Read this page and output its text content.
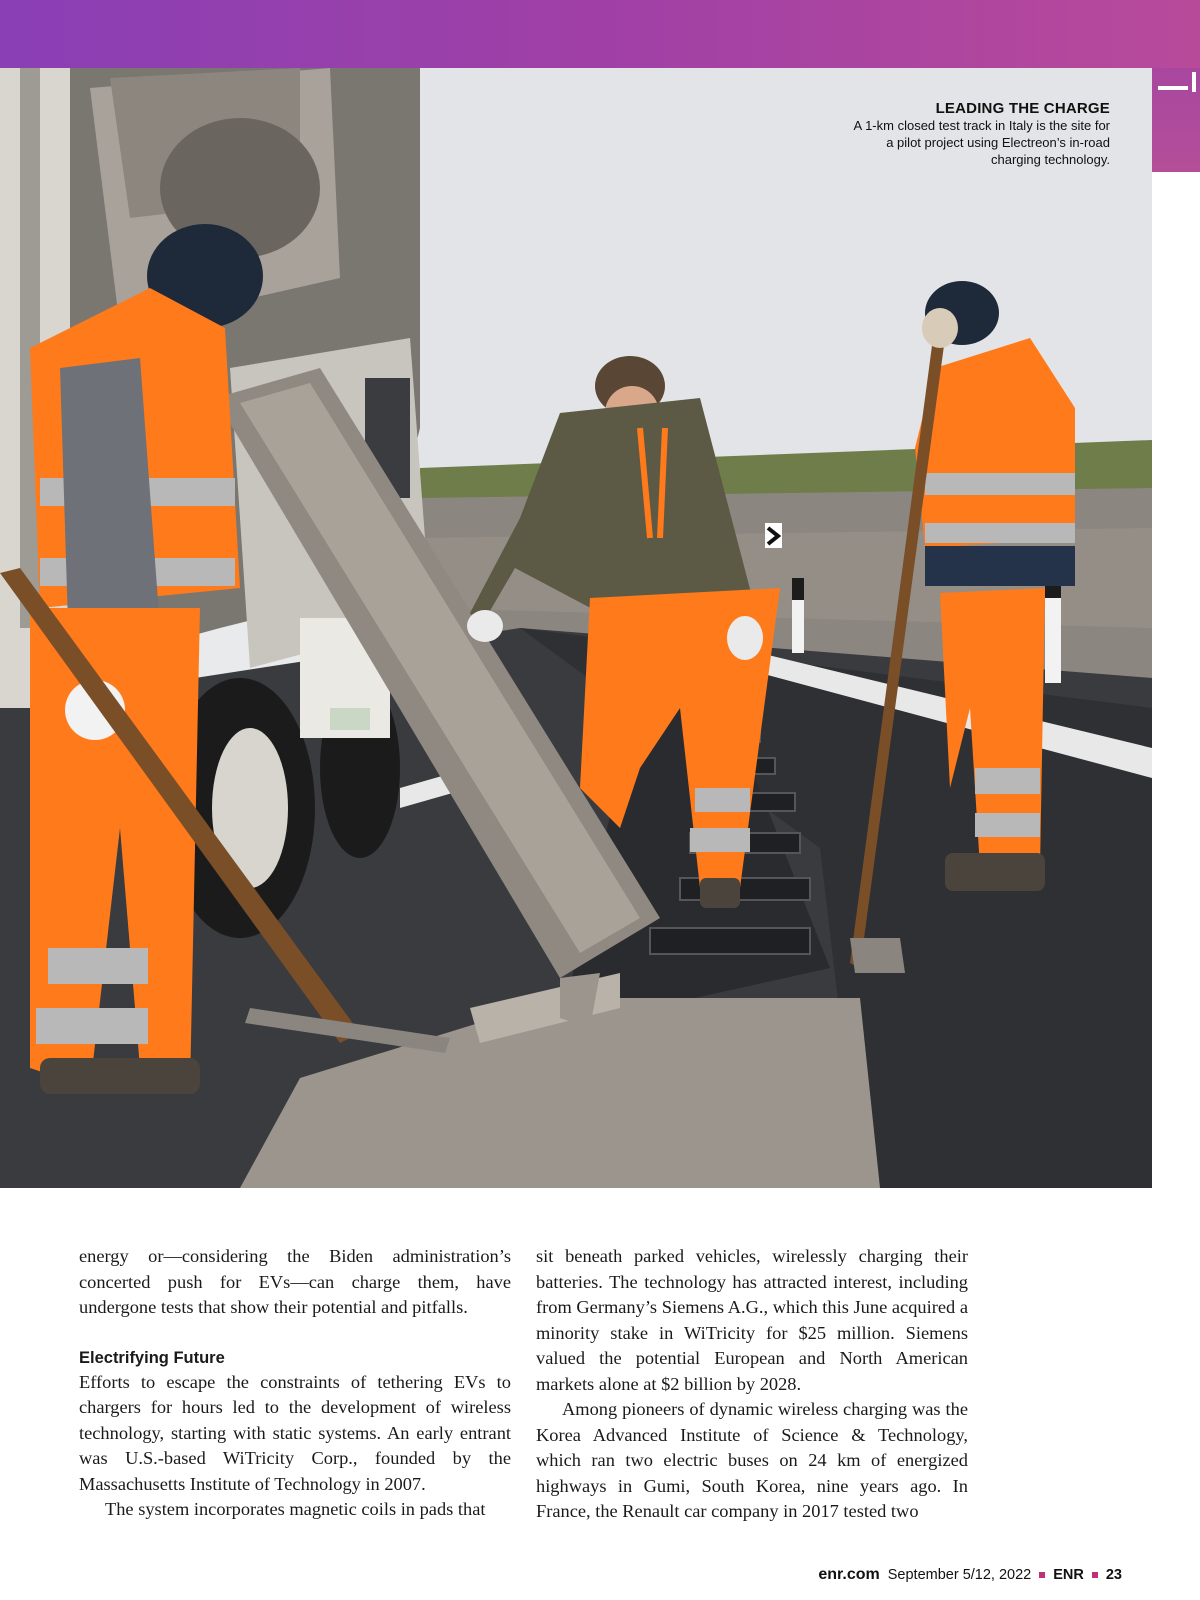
LEADING THE CHARGE
A 1-km closed test track in Italy is the site for a pilot project using Electreon’s in-road charging technology.

energy or—considering the Biden administration’s concerted push for EVs—can charge them, have undergone tests that show their potential and pitfalls.

Electrifying Future

Efforts to escape the constraints of tethering EVs to chargers for hours led to the development of wireless technology, starting with static systems. An early entrant was U.S.-based WiTricity Corp., founded by the Massachusetts Institute of Technology in 2007.

The system incorporates magnetic coils in pads that

sit beneath parked vehicles, wirelessly charging their batteries. The technology has attracted interest, including from Germany’s Siemens A.G., which this June acquired a minority stake in WiTricity for $25 million. Siemens valued the potential European and North American markets alone at $2 billion by 2028.

Among pioneers of dynamic wireless charging was the Korea Advanced Institute of Science & Technology, which ran two electric buses on 24 km of energized highways in Gumi, South Korea, nine years ago. In France, the Renault car company in 2017 tested two

enr.com September 5/12, 2022 ENR 23
